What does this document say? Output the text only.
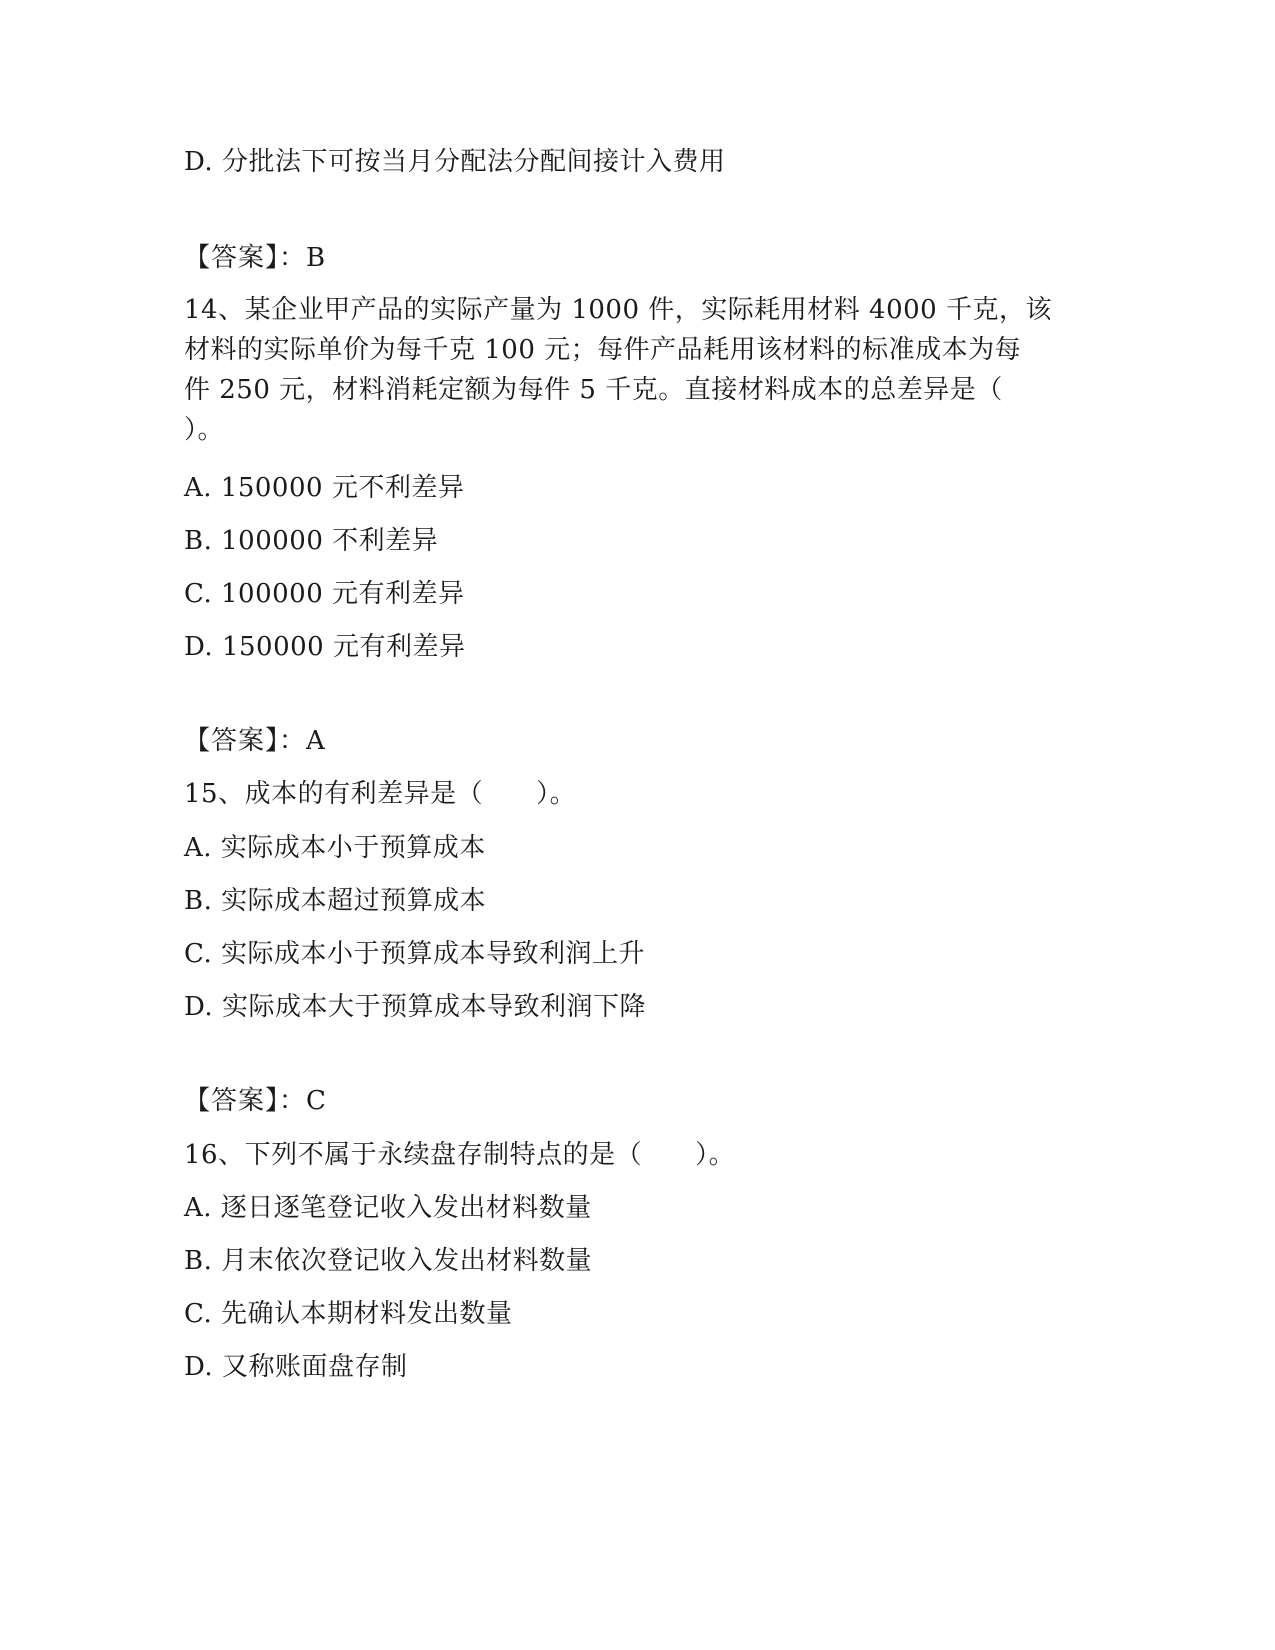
D. 分批法下可按当月分配法分配间接计入费用
【答案】：B
14、某企业甲产品的实际产量为 1000 件，实际耗用材料 4000 千克，该
材料的实际单价为每千克 100 元；每件产品耗用该材料的标准成本为每
件 250 元，材料消耗定额为每件 5 千克。直接材料成本的总差异是（
）。
A. 150000 元不利差异
B. 100000 不利差异
C. 100000 元有利差异
D. 150000 元有利差异
【答案】：A
15、成本的有利差异是（　　）。
A. 实际成本小于预算成本
B. 实际成本超过预算成本
C. 实际成本小于预算成本导致利润上升
D. 实际成本大于预算成本导致利润下降
【答案】：C
16、下列不属于永续盘存制特点的是（　　）。
A. 逐日逐笔登记收入发出材料数量
B. 月末依次登记收入发出材料数量
C. 先确认本期材料发出数量
D. 又称账面盘存制
